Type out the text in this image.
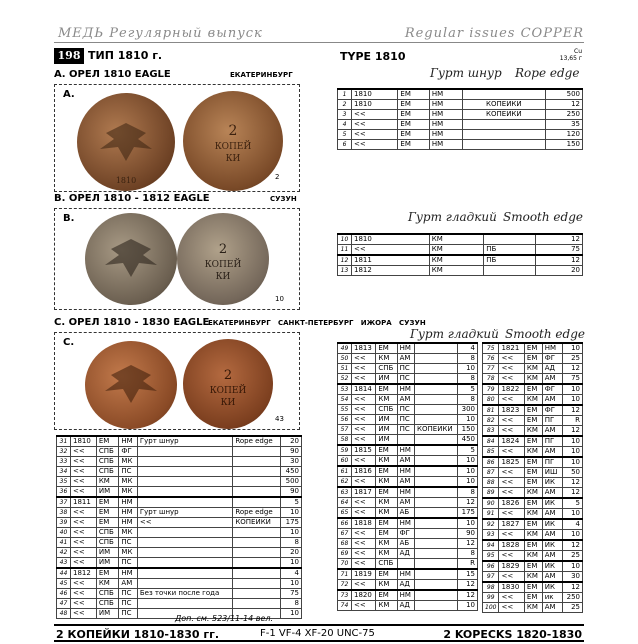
МЕДЬ Регулярный выпуск	Regular issues COPPER
198 ТИП 1810 г.	TYPE 1810	Cu
13,65 г
А. ОРЕЛ 1810 EAGLE	ЕКАТЕРИНБУРГ
A.
1810
2
КОПЕЙ
КИ
2
Гурт шнур Rope edge
1	1810	ЕМ	НМ		500
2	1810	ЕМ	НМ	КОПЕЙКИ	12
3	<<	ЕМ	НМ	КОПЕИКИ	250
4	<<	ЕМ	НМ		35
5	<<	ЕМ	НМ		120
6	<<	ЕМ	НМ		150
B. ОРЕЛ 1810 - 1812 EAGLE	СУЗУН
B.
2
КОПЕЙ
КИ
10
Гурт гладкий Smooth edge
10	1810	КМ		12
11	<<	КМ	ПБ	75
12	1811	КМ	ПБ	12
13	1812	КМ		20
C. ОРЕЛ 1810 - 1830 EAGLE
ЕКАТЕРИНБУРГ   САНКТ-ПЕТЕРБУРГ   ИЖОРА   СУЗУН
C.
2
КОПЕЙ
КИ
43
Гурт гладкий Smooth edge
31	1810	ЕМ	НМ	Гурт шнур	Rope edge	20
32	<<	СПБ	ФГ			90
33	<<	СПБ	МК			30
34	<<	СПБ	ПС			450
35	<<	КМ	МК			500
36	<<	ИМ	МК			90
37	1811	ЕМ	НМ			5
38	<<	ЕМ	НМ	Гурт шнур	Rope edge	10
39	<<	ЕМ	НМ	<<	КОПЕИКИ	175
40	<<	СПБ	МК			10
41	<<	СПБ	ПС			8
42	<<	ИМ	МК			20
43	<<	ИМ	ПС			10
44	1812	ЕМ	НМ			4
45	<<	КМ	АМ			10
46	<<	СПБ	ПС	Без точки после года		75
47	<<	СПБ	ПС			8
48	<<	ИМ	ПС			10
49	1813	ЕМ	НМ		4
50	<<	КМ	АМ		8
51	<<	СПБ	ПС		10
52	<<	ИМ	ПС		8
53	1814	ЕМ	НМ		5
54	<<	КМ	АМ		8
55	<<	СПБ	ПС		300
56	<<	ИМ	ПС		10
57	<<	ИМ	ПС	КОПЕИКИ	150
58	<<	ИМ			450
59	1815	ЕМ	НМ		5
60	<<	КМ	АМ		10
61	1816	ЕМ	НМ		10
62	<<	КМ	АМ		10
63	1817	ЕМ	НМ		8
64	<<	КМ	АМ		12
65	<<	КМ	АБ		175
66	1818	ЕМ	НМ		10
67	<<	ЕМ	ФГ		90
68	<<	КМ	АБ		12
69	<<	КМ	АД		8
70	<<	СПБ			R
71	1819	ЕМ	НМ		15
72	<<	КМ	АД		12
73	1820	ЕМ	НМ		12
74	<<	КМ	АД		10
75	1821	ЕМ	НМ	10
76	<<	ЕМ	ФГ	25
77	<<	КМ	АД	12
78	<<	КМ	АМ	75
79	1822	ЕМ	ФГ	10
80	<<	КМ	АМ	10
81	1823	ЕМ	ФГ	12
82	<<	ЕМ	ПГ	R
83	<<	КМ	АМ	12
84	1824	ЕМ	ПГ	10
85	<<	КМ	АМ	10
86	1825	ЕМ	ПГ	10
87	<<	ЕМ	ИШ	50
88	<<	ЕМ	ИК	12
89	<<	КМ	АМ	12
90	1826	ЕМ	ИК	5
91	<<	КМ	АМ	10
92	1827	ЕМ	ИК	4
93	<<	КМ	АМ	10
94	1828	ЕМ	ИК	12
95	<<	КМ	АМ	25
96	1829	ЕМ	ИК	10
97	<<	КМ	АМ	30
98	1830	ЕМ	ИК	12
99	<<	ЕМ	ик	250
100	<<	КМ	АМ	25
Доп. см. 523/11-14 вел.
2 КОПЕЙКИ 1810-1830 гг.	F-1 VF-4 XF-20 UNC-75	2 KOPECKS 1820-1830
